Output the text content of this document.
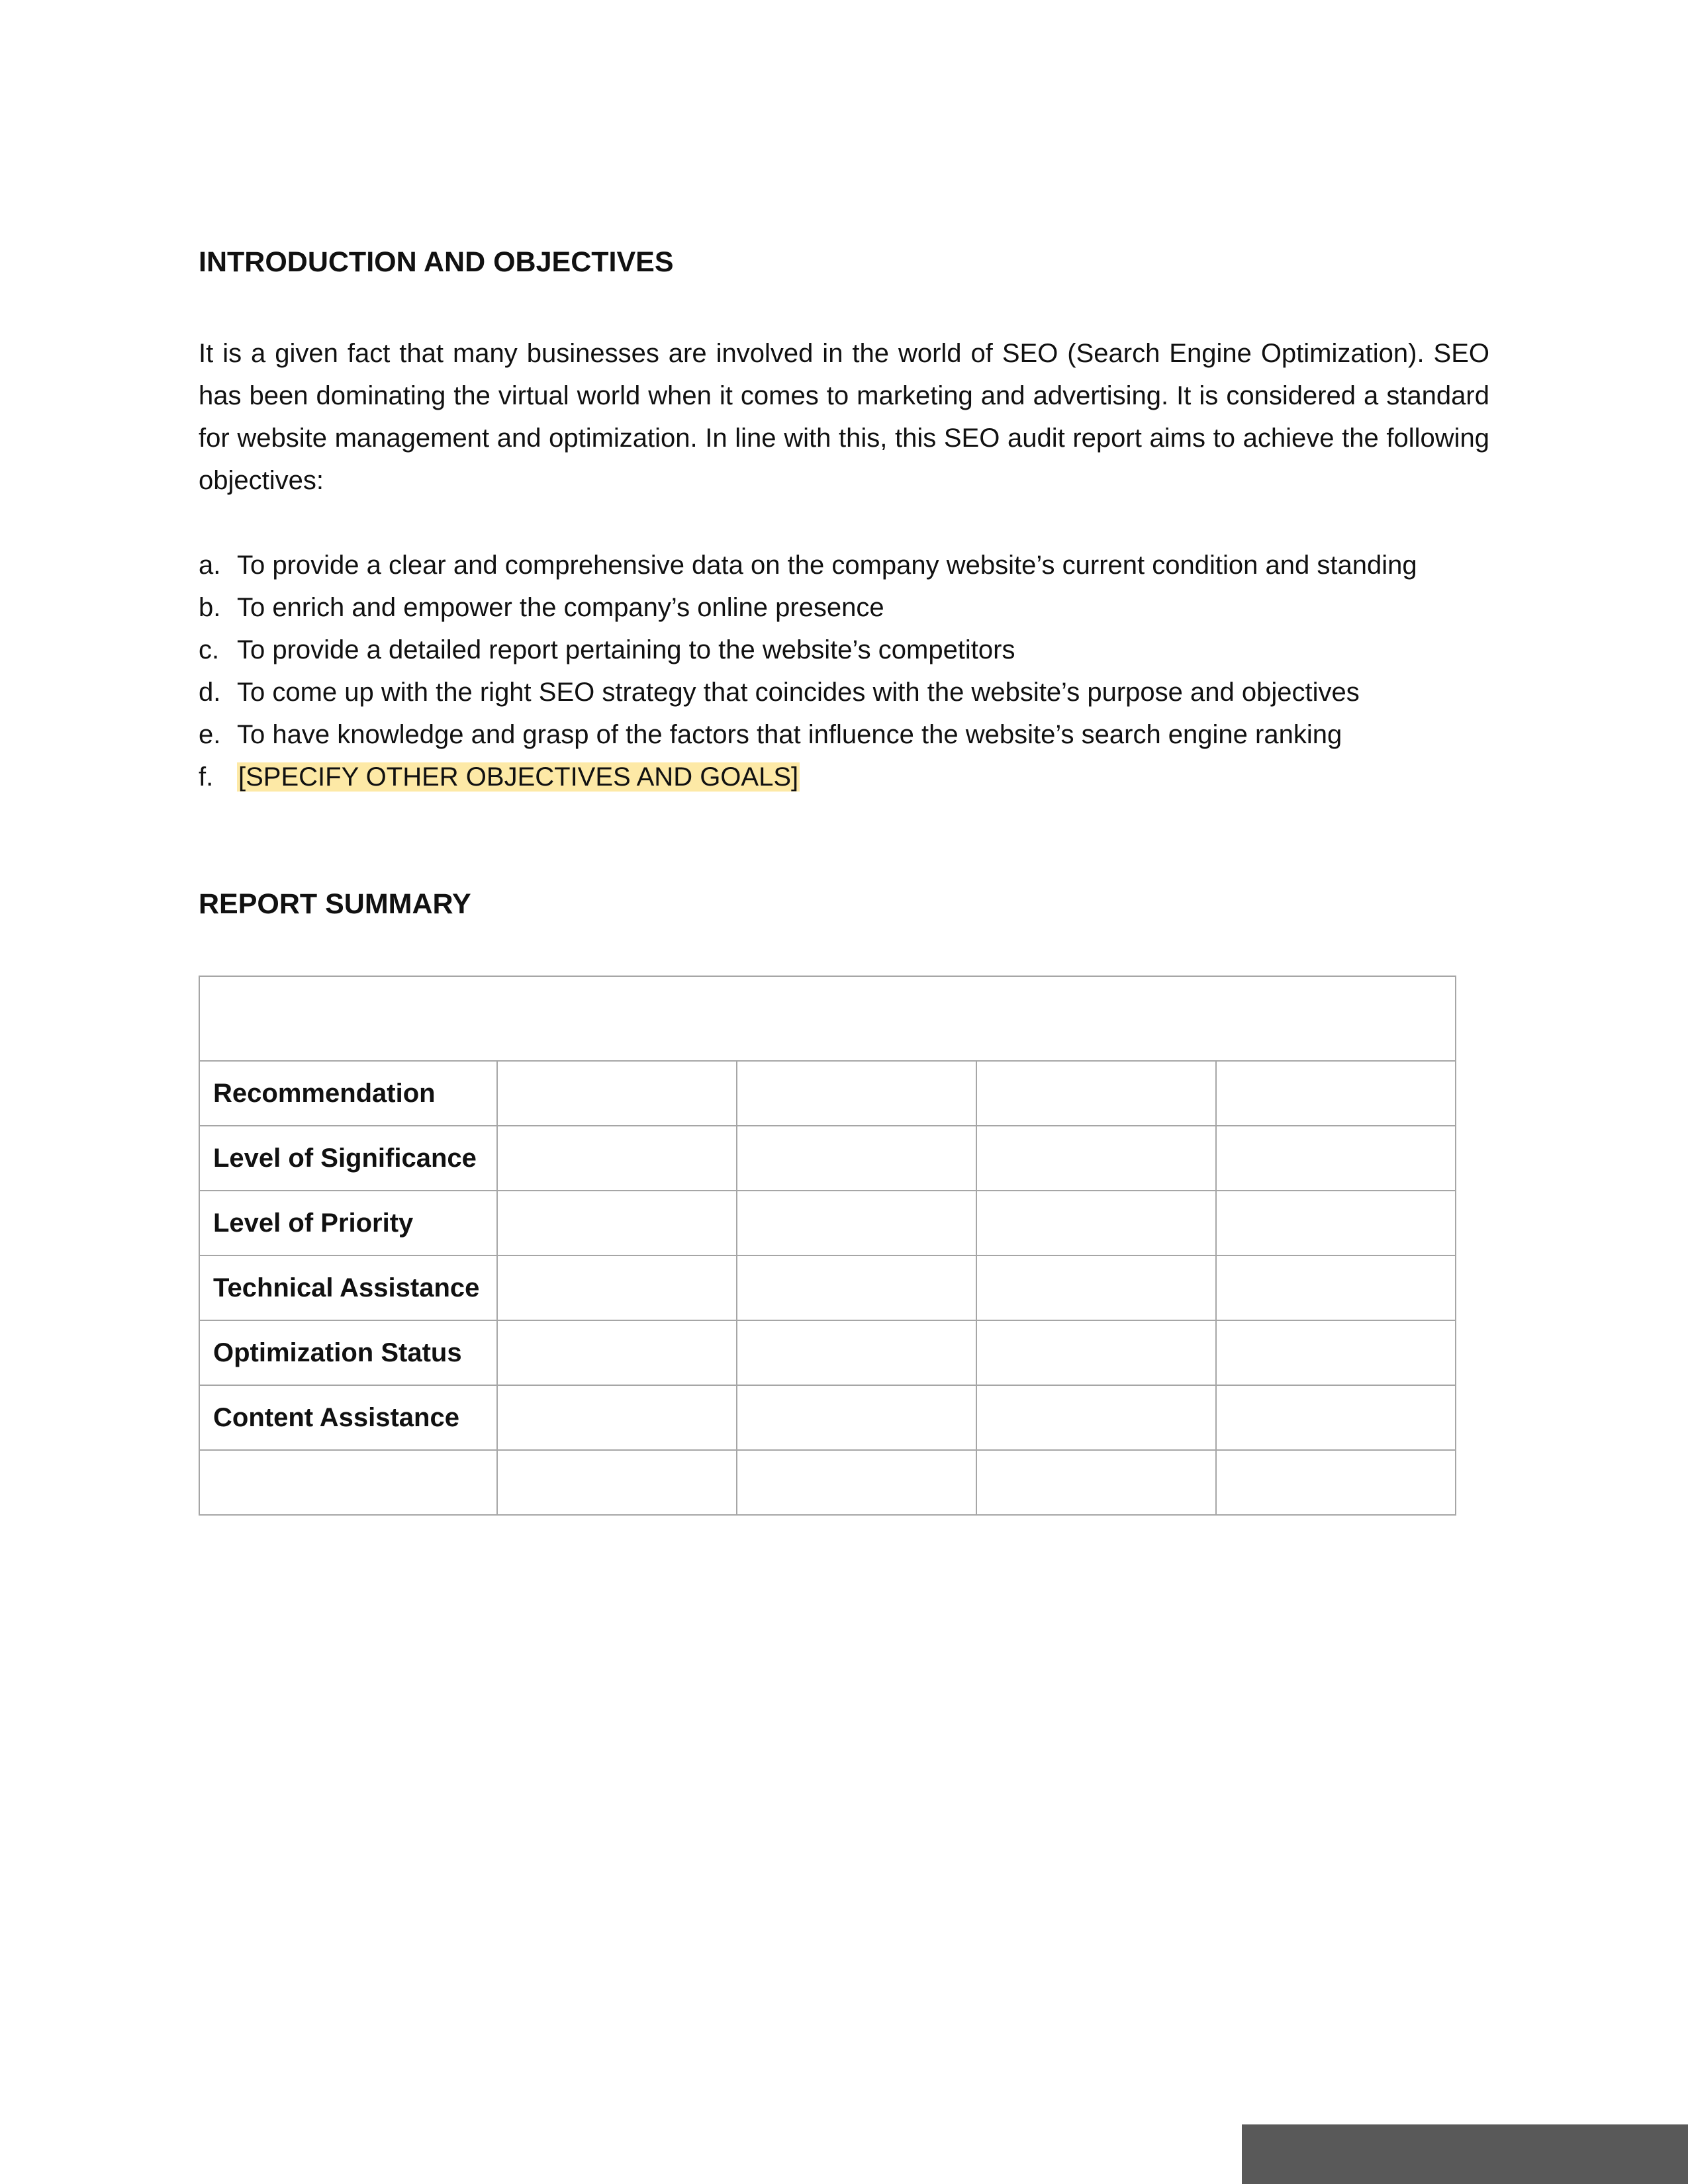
INTRODUCTION AND OBJECTIVES

It is a given fact that many businesses are involved in the world of SEO (Search Engine Optimization). SEO has been dominating the virtual world when it comes to marketing and advertising. It is considered a standard for website management and optimization. In line with this, this SEO audit report aims to achieve the following objectives:

a. To provide a clear and comprehensive data on the company website’s current condition and standing
b. To enrich and empower the company’s online presence
c. To provide a detailed report pertaining to the website’s competitors
d. To come up with the right SEO strategy that coincides with the website’s purpose and objectives
e. To have knowledge and grasp of the factors that influence the website’s search engine ranking
f. [SPECIFY OTHER OBJECTIVES AND GOALS]
REPORT SUMMARY

Recommendation				
Level of Significance				
Level of Priority				
Technical Assistance				
Optimization Status				
Content Assistance				
